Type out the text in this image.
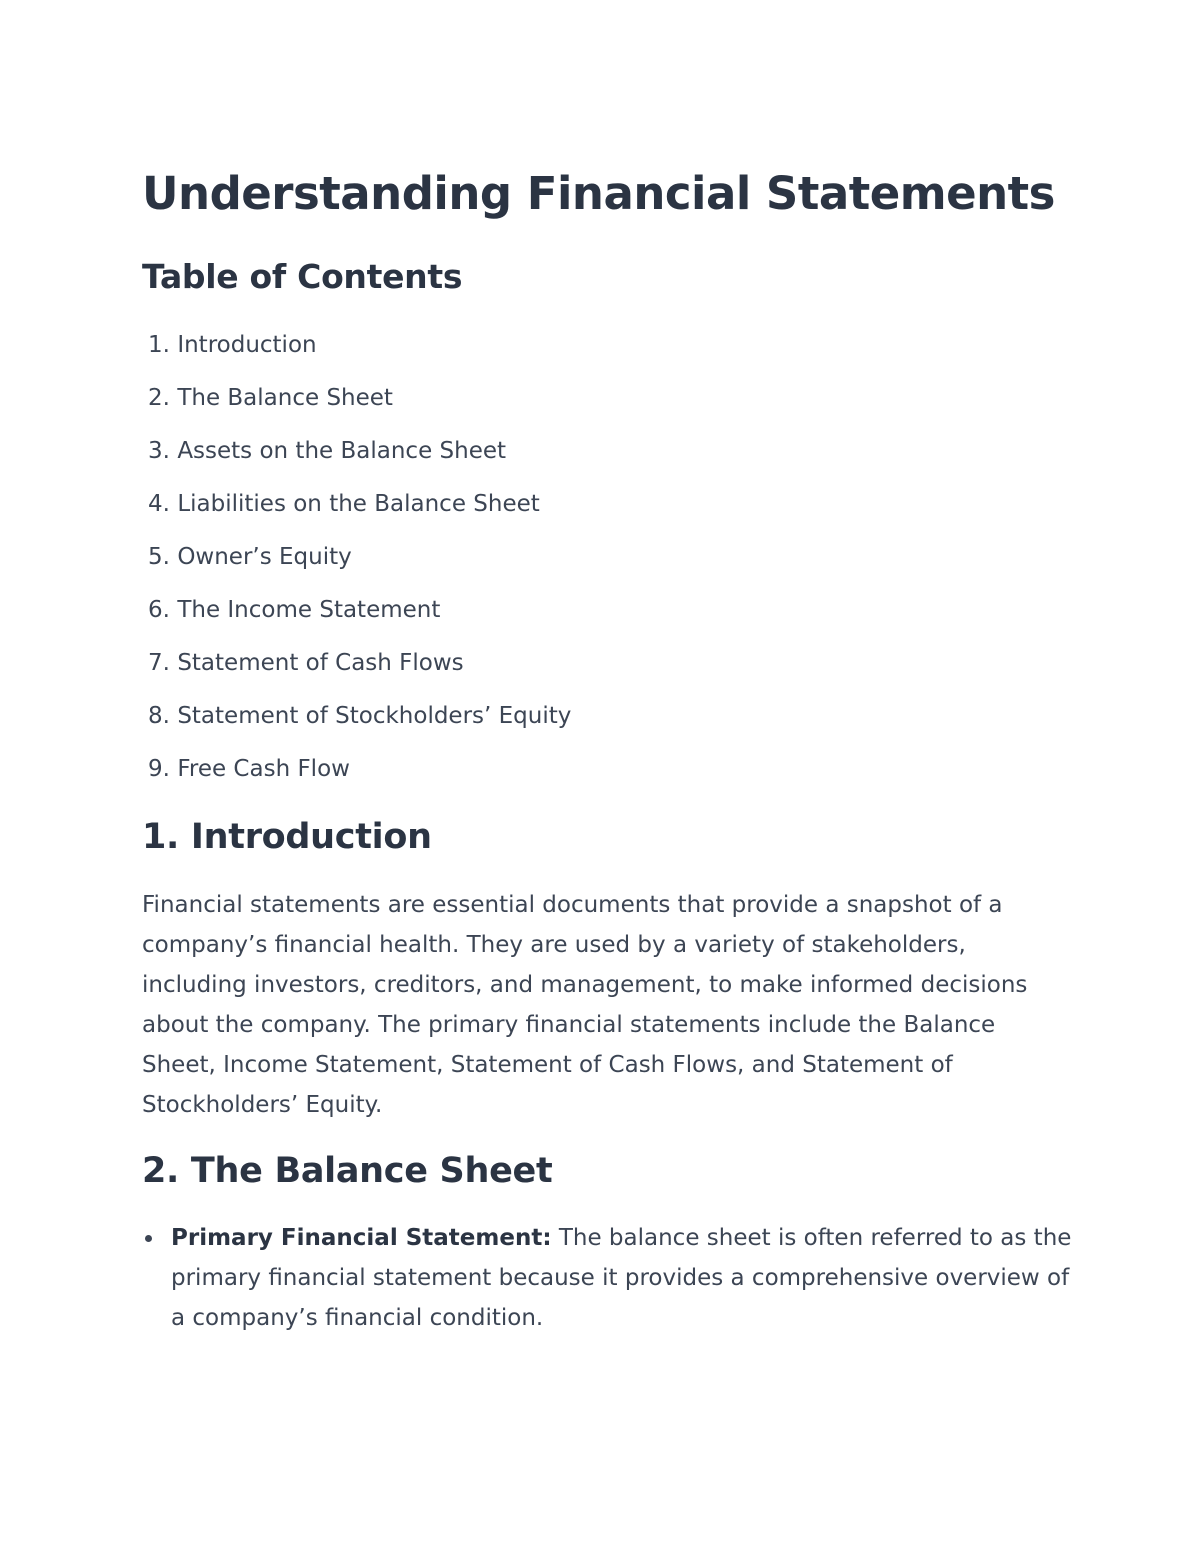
Understanding Financial Statements
Table of Contents
1. Introduction
2. The Balance Sheet
3. Assets on the Balance Sheet
4. Liabilities on the Balance Sheet
5. Owner’s Equity
6. The Income Statement
7. Statement of Cash Flows
8. Statement of Stockholders’ Equity
9. Free Cash Flow
1. Introduction

Financial statements are essential documents that provide a snapshot of a company’s financial health. They are used by a variety of stakeholders, including investors, creditors, and management, to make informed decisions about the company. The primary financial statements include the Balance Sheet, Income Statement, Statement of Cash Flows, and Statement of Stockholders’ Equity.

2. The Balance Sheet
Primary Financial Statement: The balance sheet is often referred to as the primary financial statement because it provides a comprehensive overview of a company’s financial condition.
